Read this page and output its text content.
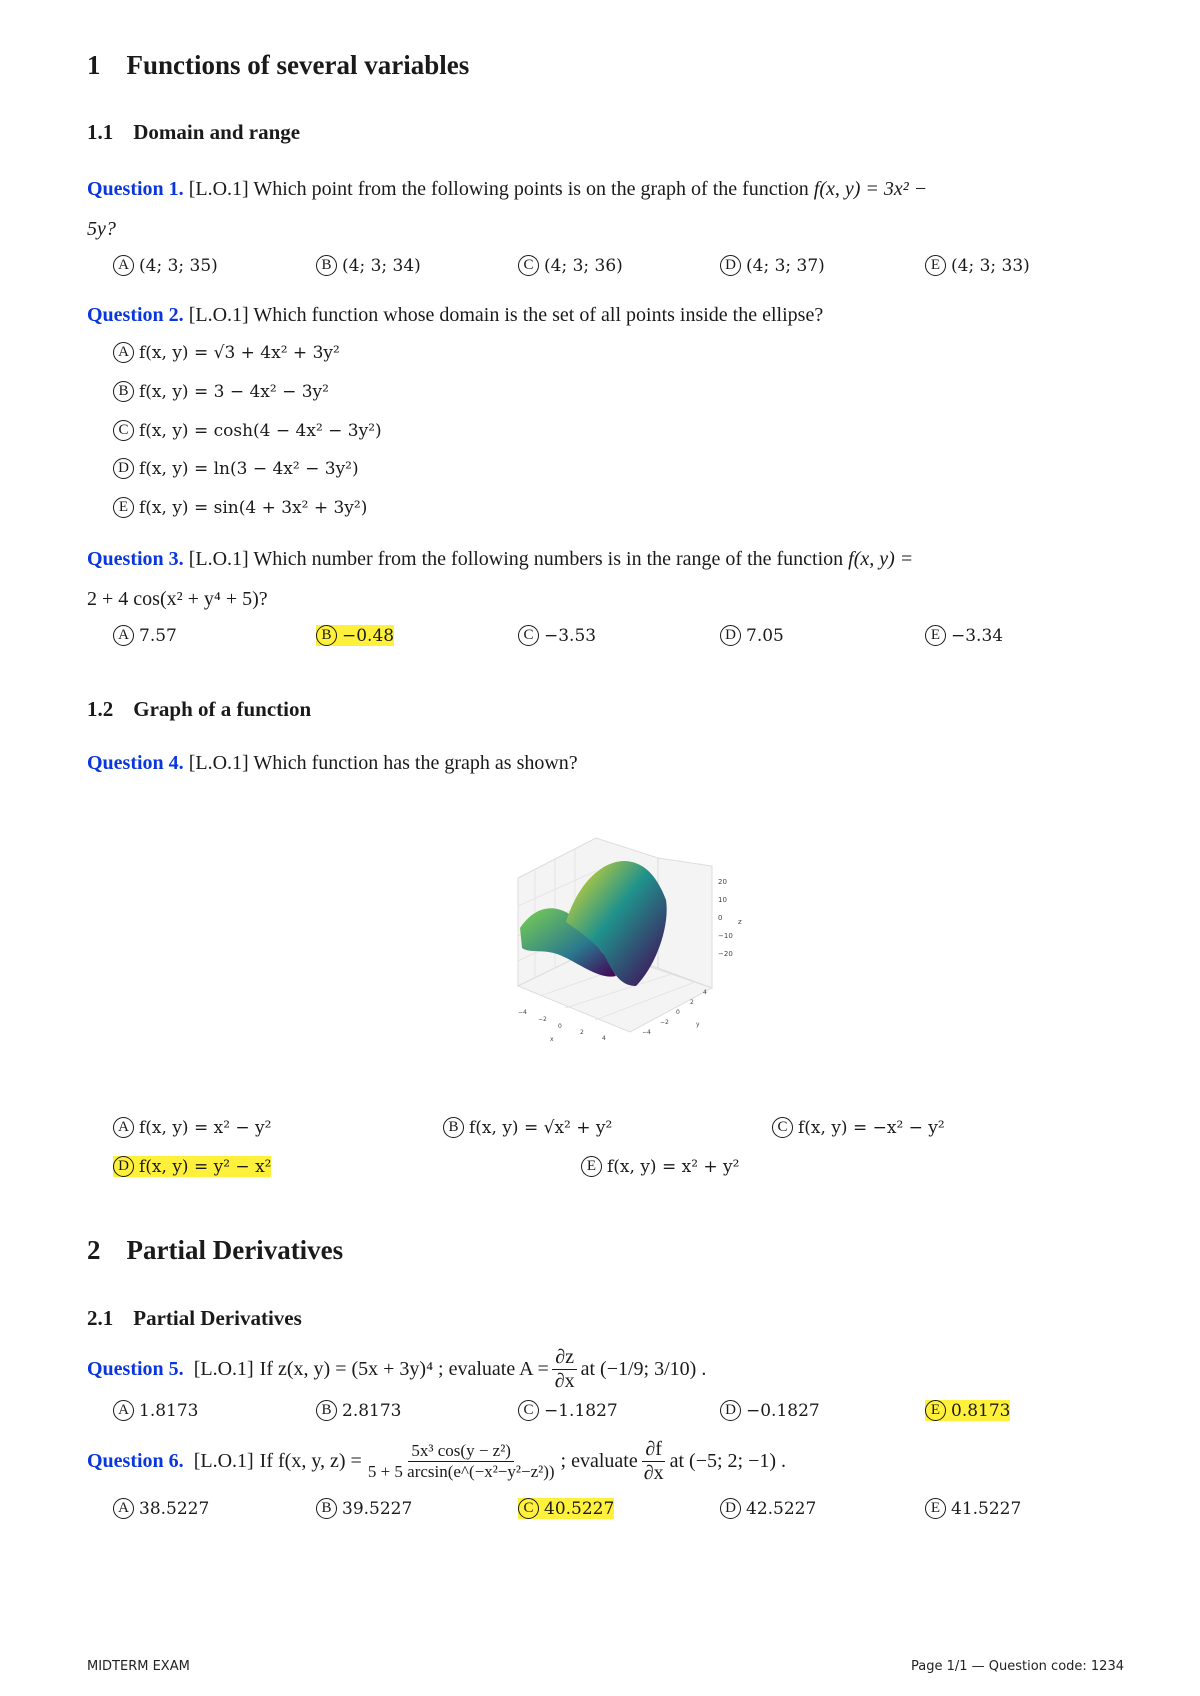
1 Functions of several variables
1.1 Domain and range
Question 1. [L.O.1] Which point from the following points is on the graph of the function f(x, y) = 3x² −
5y?
A (4; 3; 35)	B (4; 3; 34)	C (4; 3; 36)	D (4; 3; 37)	E (4; 3; 33)
Question 2. [L.O.1] Which function whose domain is the set of all points inside the ellipse?
A f(x, y) = √3 + 4x² + 3y²
B f(x, y) = 3 − 4x² − 3y²
C f(x, y) = cosh(4 − 4x² − 3y²)
D f(x, y) = ln(3 − 4x² − 3y²)
E f(x, y) = sin(4 + 3x² + 3y²)
Question 3. [L.O.1] Which number from the following numbers is in the range of the function f(x, y) =
2 + 4 cos(x² + y⁴ + 5)?
A 7.57	B −0.48	C −3.53	D 7.05	E −3.34
1.2 Graph of a function
Question 4. [L.O.1] Which function has the graph as shown?
20
10
0
−10
−20
z
−4
−2
0
2
4
x
−4
−2
0
2
4
y
A f(x, y) = x² − y²	B f(x, y) = √x² + y²	C f(x, y) = −x² − y²
D f(x, y) = y² − x²	E f(x, y) = x² + y²
2 Partial Derivatives
2.1 Partial Derivatives
Question 5. [L.O.1] If z(x, y) = (5x + 3y)⁴ ; evaluate $A = \frac{\partial z}{\partial x}$ at (−1/9; 3/10) .
A 1.8173	B 2.8173	C −1.1827	D −0.1827	E 0.8173
Question 6. [L.O.1] If f(x, y, $z) = \frac{\text{5x³ cos(y − z²)}}{\text{5 + 5 arcsin(e\textasciicircum{}(−x²−y²−z²))}}$ ; evaluate $\frac{\partial f}{\partial x}$ at (−5; 2; −1) .
A 38.5227	B 39.5227	C 40.5227	D 42.5227	E 41.5227
MIDTERM EXAM	Page 1/1 — Question code: 1234
